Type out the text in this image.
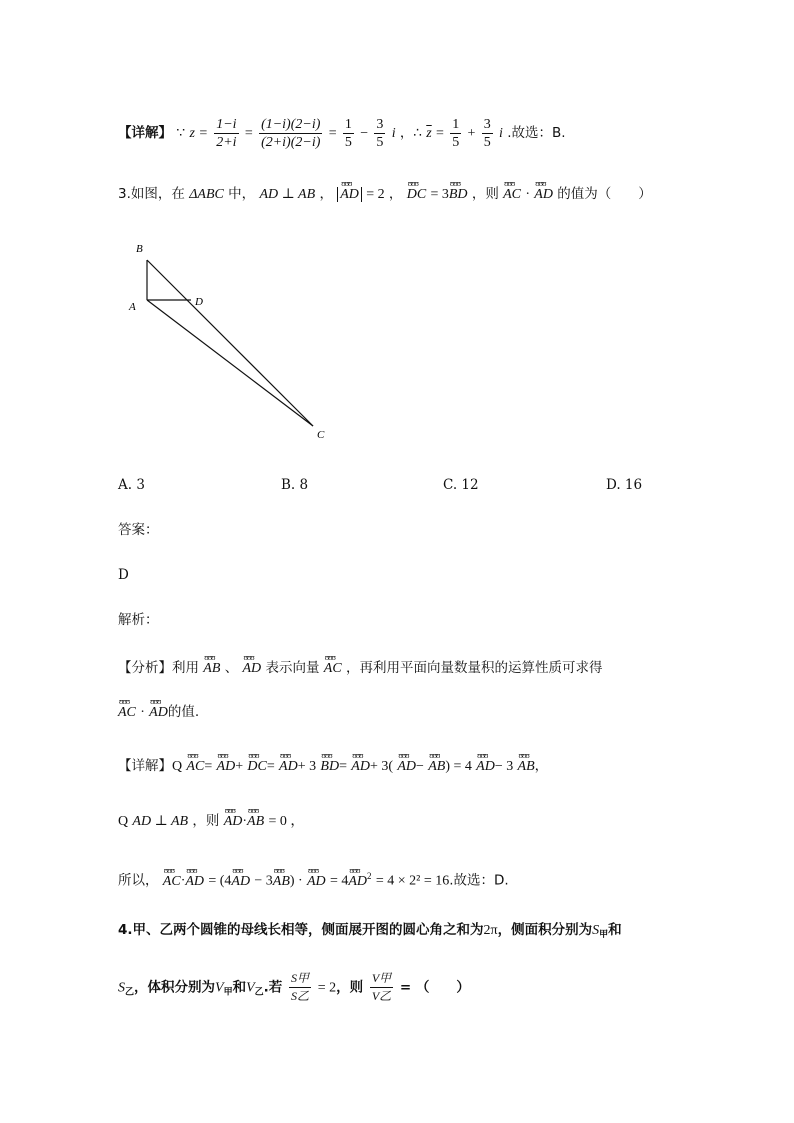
【详解】 ∵ $z = \frac{1-i}{2+i} = \frac{(1-i)(2-i)}{(2+i)(2-i)} = \frac{1}{5} - \frac{3}{5}$ i ，∴ $\overline{z} = \frac{1}{5} + \frac{3}{5}$ i .故选：B.
3.如图，在 ΔABC 中， AD ⊥ AB ， ʊʊʊ AD = 2 ， ʊʊʊ DC = 3ʊʊʊ BD ，则 ʊʊʊ AC · ʊʊʊ AD 的值为（　　）
B
A	D
C
A. 3	B. 8	C. 12	D. 16
答案：
D
解析：
【分析】利用 ʊʊʊ AB 、 ʊʊʊ AD 表示向量 ʊʊʊ AC ，再利用平面向量数量积的运算性质可求得
ʊʊʊ AC · ʊʊʊ AD的值.
【详解】Q ʊʊʊ AC= ʊʊʊ AD+ ʊʊʊ DC= ʊʊʊ AD+ 3 ʊʊʊ BD= ʊʊʊ AD+ 3( ʊʊʊ AD− ʊʊʊ AB) = 4 ʊʊʊ AD− 3 ʊʊʊ AB，
Q AD ⊥ AB ，则 ʊʊʊ AD·ʊʊʊ AB = 0 ，
所以， ʊʊʊ AC·ʊʊʊ AD = (4ʊʊʊ AD − 3ʊʊʊ AB) · ʊʊʊ AD = 4ʊʊʊ $AD^2 = 4 \times 2^2 = 16$.故选：D.
4.甲、乙两个圆锥的母线长相等，侧面展开图的圆心角之和为2π，侧面积分别为$S_甲$和
$S_乙$，体积分别为$V_甲$和$V_乙$.若 $\frac{\text{S甲}}{\text{S乙}} = 2$，则 $\frac{\text{V甲}}{\text{V乙}}$ = （　　）
